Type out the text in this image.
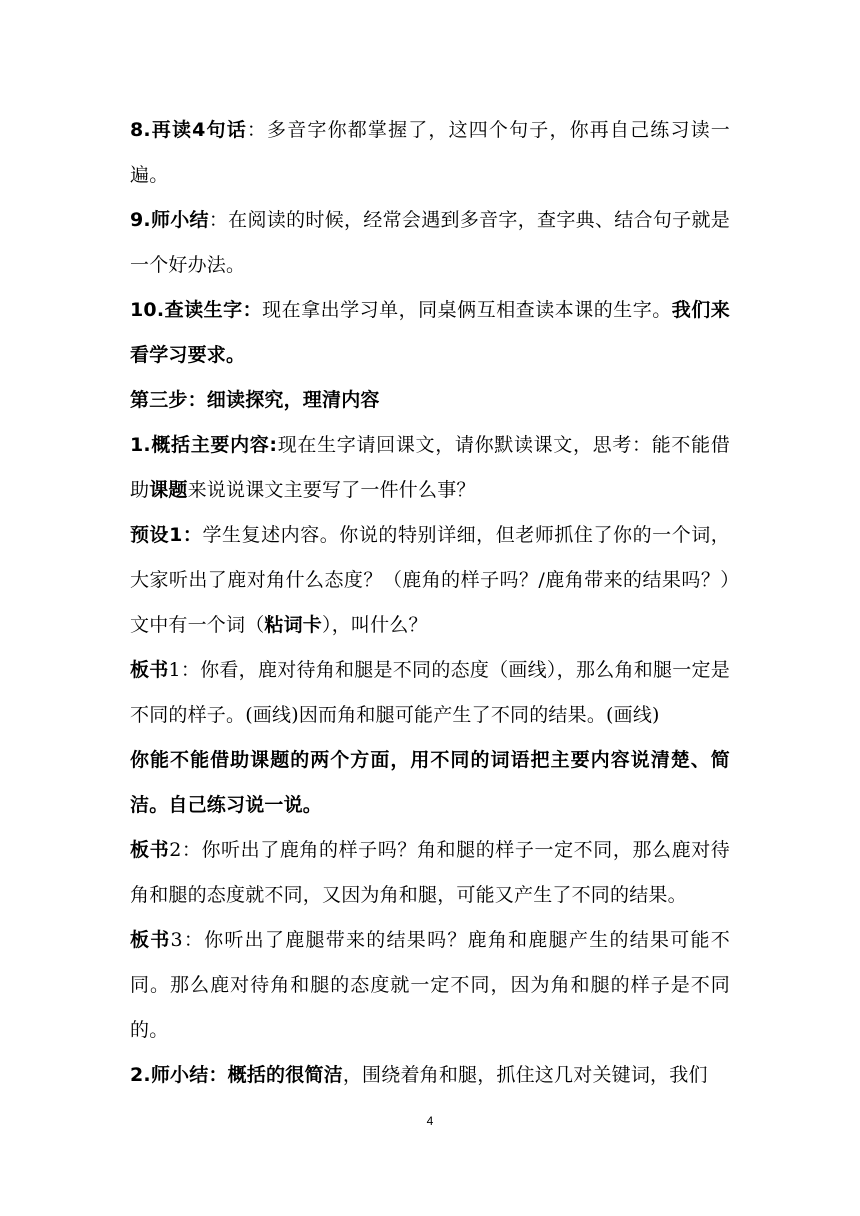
8.再读4句话：多音字你都掌握了，这四个句子，你再自己练习读一遍。

9.师小结：在阅读的时候，经常会遇到多音字，查字典、结合句子就是一个好办法。

10.查读生字：现在拿出学习单，同桌俩互相查读本课的生字。我们来看学习要求。

第三步：细读探究，理清内容

1.概括主要内容:现在生字请回课文，请你默读课文，思考：能不能借助课题来说说课文主要写了一件什么事？

预设1：学生复述内容。你说的特别详细，但老师抓住了你的一个词，大家听出了鹿对角什么态度？（鹿角的样子吗？/鹿角带来的结果吗？）文中有一个词（粘词卡），叫什么？

板书1：你看，鹿对待角和腿是不同的态度（画线），那么角和腿一定是不同的样子。(画线)因而角和腿可能产生了不同的结果。(画线)

你能不能借助课题的两个方面，用不同的词语把主要内容说清楚、简洁。自己练习说一说。

板书2：你听出了鹿角的样子吗？角和腿的样子一定不同，那么鹿对待角和腿的态度就不同，又因为角和腿，可能又产生了不同的结果。

板书3：你听出了鹿腿带来的结果吗？鹿角和鹿腿产生的结果可能不同。那么鹿对待角和腿的态度就一定不同，因为角和腿的样子是不同的。

2.师小结：概括的很简洁，围绕着角和腿，抓住这几对关键词，我们

4
